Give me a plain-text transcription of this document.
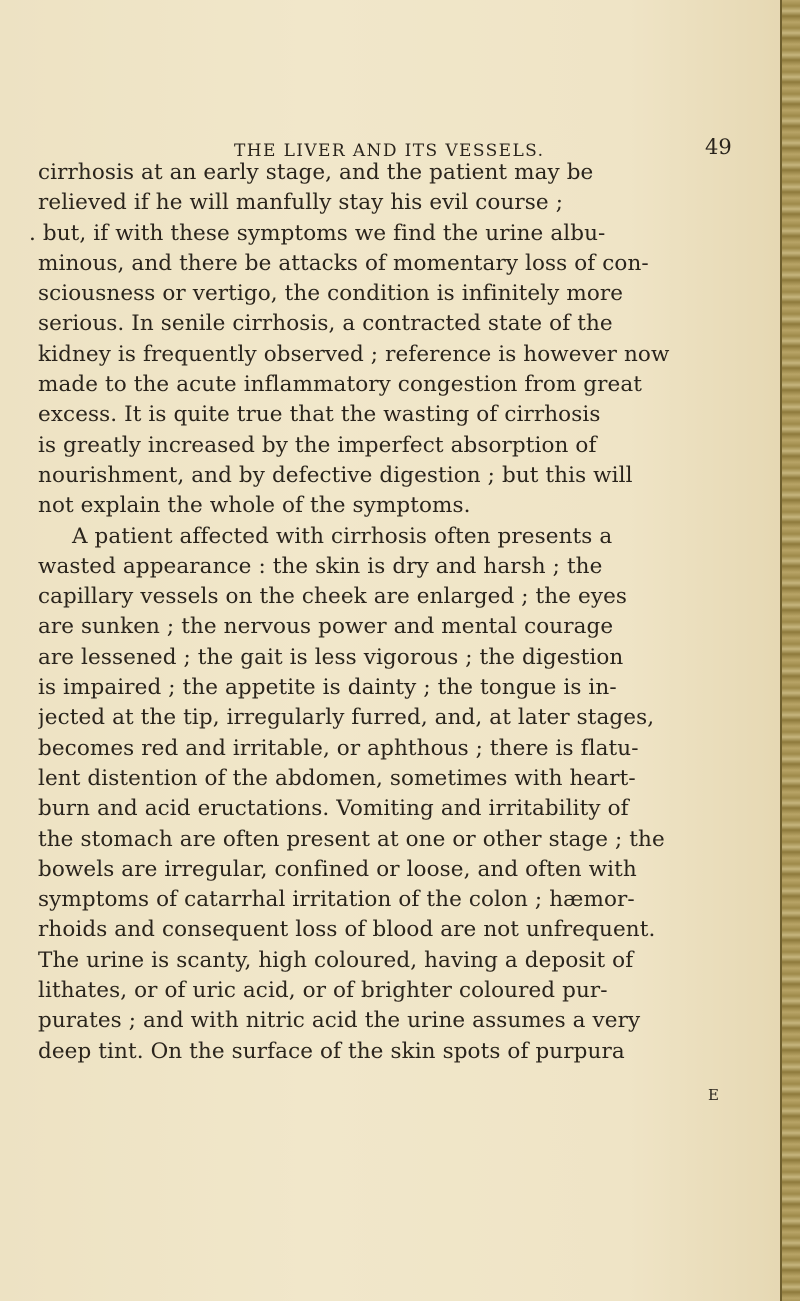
THE LIVER AND ITS VESSELS.	49
cirrhosis at an early stage, and the patient may be
relieved if he will manfully stay his evil course ;
. but, if with these symptoms we find the urine albu-
minous, and there be attacks of momentary loss of con-
sciousness or vertigo, the condition is infinitely more
serious. In senile cirrhosis, a contracted state of the
kidney is frequently observed ; reference is however now
made to the acute inflammatory congestion from great
excess. It is quite true that the wasting of cirrhosis
is greatly increased by the imperfect absorption of
nourishment, and by defective digestion ; but this will
not explain the whole of the symptoms.
A patient affected with cirrhosis often presents a
wasted appearance : the skin is dry and harsh ; the
capillary vessels on the cheek are enlarged ; the eyes
are sunken ; the nervous power and mental courage
are lessened ; the gait is less vigorous ; the digestion
is impaired ; the appetite is dainty ; the tongue is in-
jected at the tip, irregularly furred, and, at later stages,
becomes red and irritable, or aphthous ; there is flatu-
lent distention of the abdomen, sometimes with heart-
burn and acid eructations. Vomiting and irritability of
the stomach are often present at one or other stage ; the
bowels are irregular, confined or loose, and often with
symptoms of catarrhal irritation of the colon ; hæmor-
rhoids and consequent loss of blood are not unfrequent.
The urine is scanty, high coloured, having a deposit of
lithates, or of uric acid, or of brighter coloured pur-
purates ; and with nitric acid the urine assumes a very
deep tint. On the surface of the skin spots of purpura
E
